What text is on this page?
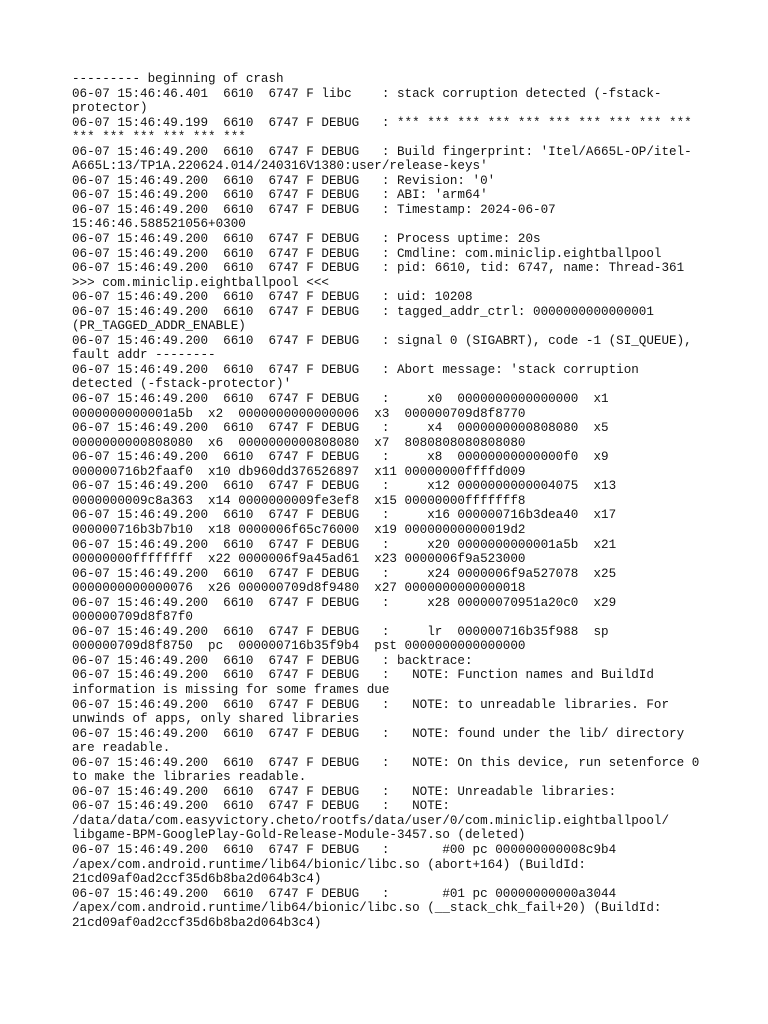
--------- beginning of crash
06-07 15:46:46.401  6610  6747 F libc    : stack corruption detected (-fstack-
protector)
06-07 15:46:49.199  6610  6747 F DEBUG   : *** *** *** *** *** *** *** *** *** ***
*** *** *** *** *** ***
06-07 15:46:49.200  6610  6747 F DEBUG   : Build fingerprint: 'Itel/A665L-OP/itel-
A665L:13/TP1A.220624.014/240316V1380:user/release-keys'
06-07 15:46:49.200  6610  6747 F DEBUG   : Revision: '0'
06-07 15:46:49.200  6610  6747 F DEBUG   : ABI: 'arm64'
06-07 15:46:49.200  6610  6747 F DEBUG   : Timestamp: 2024-06-07
15:46:46.588521056+0300
06-07 15:46:49.200  6610  6747 F DEBUG   : Process uptime: 20s
06-07 15:46:49.200  6610  6747 F DEBUG   : Cmdline: com.miniclip.eightballpool
06-07 15:46:49.200  6610  6747 F DEBUG   : pid: 6610, tid: 6747, name: Thread-361
>>> com.miniclip.eightballpool <<<
06-07 15:46:49.200  6610  6747 F DEBUG   : uid: 10208
06-07 15:46:49.200  6610  6747 F DEBUG   : tagged_addr_ctrl: 0000000000000001
(PR_TAGGED_ADDR_ENABLE)
06-07 15:46:49.200  6610  6747 F DEBUG   : signal 0 (SIGABRT), code -1 (SI_QUEUE),
fault addr --------
06-07 15:46:49.200  6610  6747 F DEBUG   : Abort message: 'stack corruption
detected (-fstack-protector)'
06-07 15:46:49.200  6610  6747 F DEBUG   :     x0  0000000000000000  x1
0000000000001a5b  x2  0000000000000006  x3  000000709d8f8770
06-07 15:46:49.200  6610  6747 F DEBUG   :     x4  0000000000808080  x5
0000000000808080  x6  0000000000808080  x7  8080808080808080
06-07 15:46:49.200  6610  6747 F DEBUG   :     x8  00000000000000f0  x9
000000716b2faaf0  x10 db960dd376526897  x11 00000000ffffd009
06-07 15:46:49.200  6610  6747 F DEBUG   :     x12 0000000000004075  x13
0000000009c8a363  x14 0000000009fe3ef8  x15 00000000fffffff8
06-07 15:46:49.200  6610  6747 F DEBUG   :     x16 000000716b3dea40  x17
000000716b3b7b10  x18 0000006f65c76000  x19 00000000000019d2
06-07 15:46:49.200  6610  6747 F DEBUG   :     x20 0000000000001a5b  x21
00000000ffffffff  x22 0000006f9a45ad61  x23 0000006f9a523000
06-07 15:46:49.200  6610  6747 F DEBUG   :     x24 0000006f9a527078  x25
0000000000000076  x26 000000709d8f9480  x27 0000000000000018
06-07 15:46:49.200  6610  6747 F DEBUG   :     x28 00000070951a20c0  x29
000000709d8f87f0
06-07 15:46:49.200  6610  6747 F DEBUG   :     lr  000000716b35f988  sp
000000709d8f8750  pc  000000716b35f9b4  pst 0000000000000000
06-07 15:46:49.200  6610  6747 F DEBUG   : backtrace:
06-07 15:46:49.200  6610  6747 F DEBUG   :   NOTE: Function names and BuildId
information is missing for some frames due
06-07 15:46:49.200  6610  6747 F DEBUG   :   NOTE: to unreadable libraries. For
unwinds of apps, only shared libraries
06-07 15:46:49.200  6610  6747 F DEBUG   :   NOTE: found under the lib/ directory
are readable.
06-07 15:46:49.200  6610  6747 F DEBUG   :   NOTE: On this device, run setenforce 0
to make the libraries readable.
06-07 15:46:49.200  6610  6747 F DEBUG   :   NOTE: Unreadable libraries:
06-07 15:46:49.200  6610  6747 F DEBUG   :   NOTE:
/data/data/com.easyvictory.cheto/rootfs/data/user/0/com.miniclip.eightballpool/
libgame-BPM-GooglePlay-Gold-Release-Module-3457.so (deleted)
06-07 15:46:49.200  6610  6747 F DEBUG   :       #00 pc 000000000008c9b4
/apex/com.android.runtime/lib64/bionic/libc.so (abort+164) (BuildId:
21cd09af0ad2ccf35d6b8ba2d064b3c4)
06-07 15:46:49.200  6610  6747 F DEBUG   :       #01 pc 00000000000a3044
/apex/com.android.runtime/lib64/bionic/libc.so (__stack_chk_fail+20) (BuildId:
21cd09af0ad2ccf35d6b8ba2d064b3c4)
